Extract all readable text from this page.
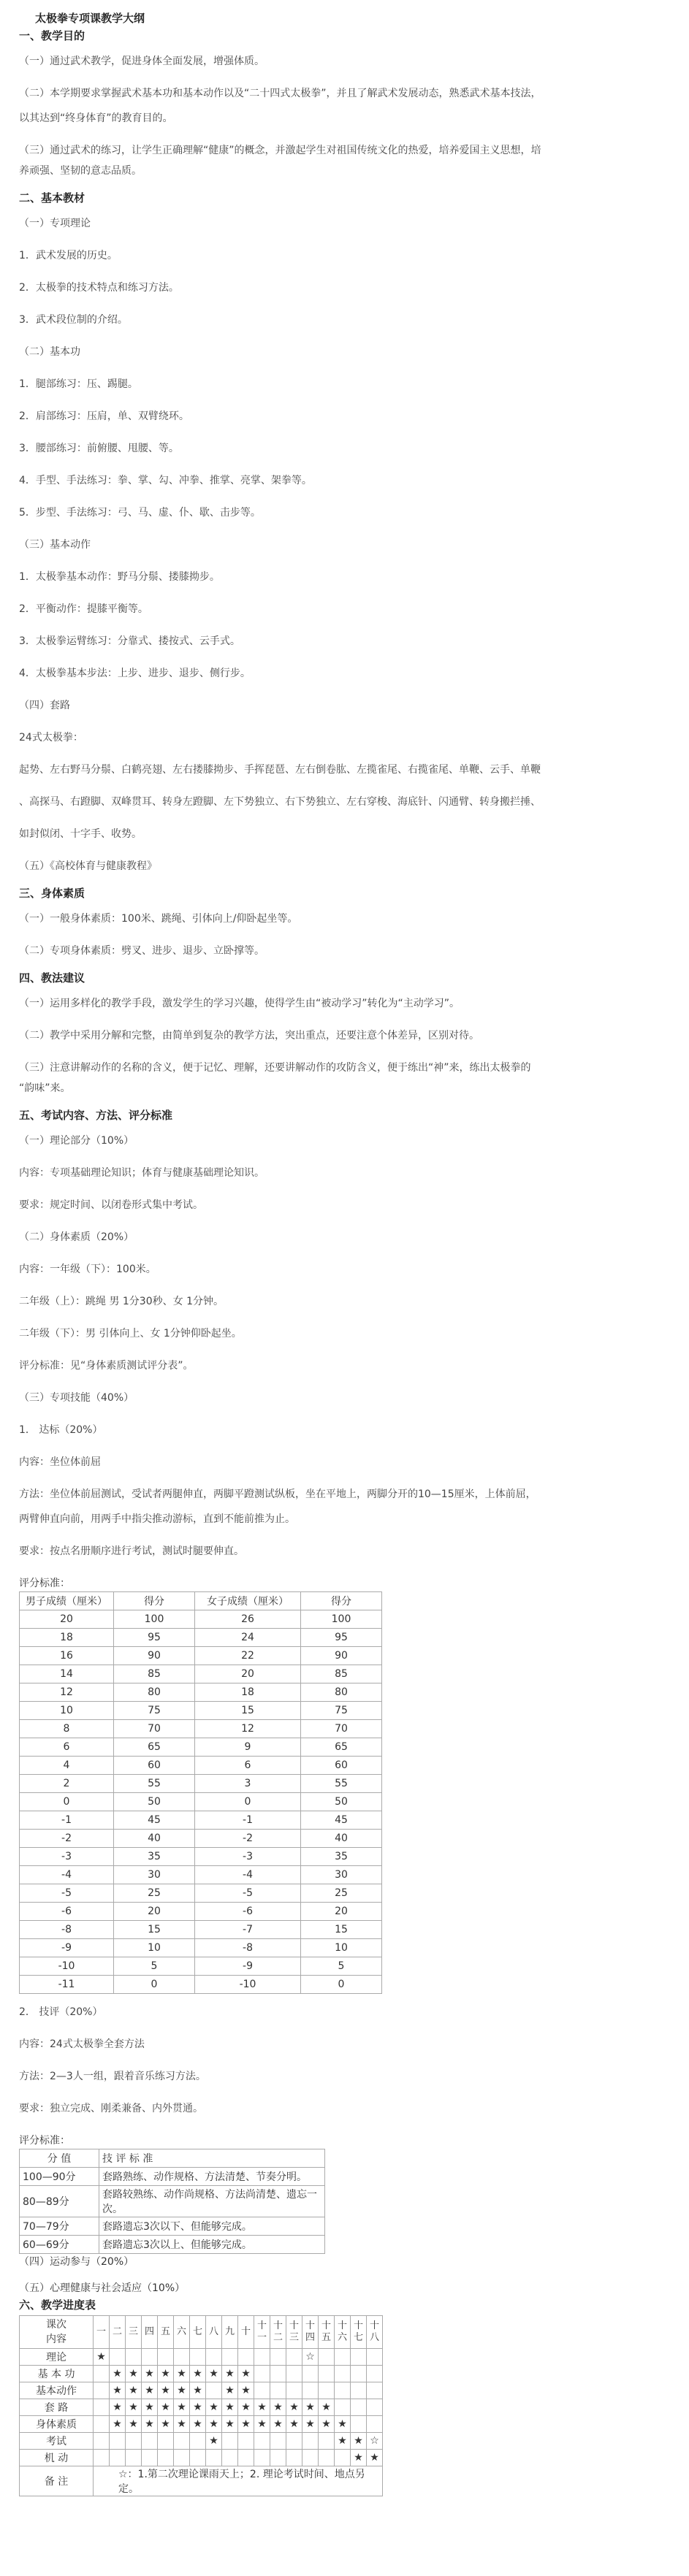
太极拳专项课教学大纲
一、教学目的
（一）通过武术教学，促进身体全面发展，增强体质。
（二）本学期要求掌握武术基本功和基本动作以及“二十四式太极拳”，并且了解武术发展动态，熟悉武术基本技法，
以其达到“终身体育”的教育目的。
（三）通过武术的练习，让学生正确理解“健康”的概念，并激起学生对祖国传统文化的热爱，培养爱国主义思想，培
养顽强、坚韧的意志品质。
二、基本教材
（一）专项理论
1．武术发展的历史。
2．太极拳的技术特点和练习方法。
3．武术段位制的介绍。
（二）基本功
1．腿部练习：压、踢腿。
2．肩部练习：压肩，单、双臂绕环。
3．腰部练习：前俯腰、甩腰、等。
4．手型、手法练习：拳、掌、勾、冲拳、推掌、亮掌、架拳等。
5．步型、手法练习：弓、马、虚、仆、歇、击步等。
（三）基本动作
1．太极拳基本动作：野马分鬃、搂膝拗步。
2．平衡动作：提膝平衡等。
3．太极拳运臂练习：分靠式、搂按式、云手式。
4．太极拳基本步法：上步、进步、退步、侧行步。
（四）套路
24式太极拳：
起势、左右野马分鬃、白鹤亮翅、左右搂膝拗步、手挥琵琶、左右倒卷肱、左揽雀尾、右揽雀尾、单鞭、云手、单鞭
、高探马、右蹬脚、双峰贯耳、转身左蹬脚、左下势独立、右下势独立、左右穿梭、海底针、闪通臂、转身搬拦捶、
如封似闭、十字手、收势。
（五）《高校体育与健康教程》
三、身体素质
（一）一般身体素质：100米、跳绳、引体向上/仰卧起坐等。
（二）专项身体素质：劈叉、进步、退步、立卧撑等。
四、教法建议
（一）运用多样化的教学手段，激发学生的学习兴趣，使得学生由“被动学习”转化为“主动学习”。
（二）教学中采用分解和完整，由简单到复杂的教学方法，突出重点，还要注意个体差异，区别对待。
（三）注意讲解动作的名称的含义，便于记忆、理解，还要讲解动作的攻防含义，便于练出“神”来，练出太极拳的
“韵味”来。
五、考试内容、方法、评分标准
（一）理论部分（10%）
内容：专项基础理论知识；体育与健康基础理论知识。
要求：规定时间、以闭卷形式集中考试。
（二）身体素质（20%）
内容：一年级（下）：100米。
二年级（上）：跳绳 男 1分30秒、女 1分钟。
二年级（下）：男 引体向上、女 1分钟仰卧起坐。
评分标准：见“身体素质测试评分表”。
（三）专项技能（40%）
1． 达标（20%）
内容：坐位体前屈
方法：坐位体前屈测试，受试者两腿伸直，两脚平蹬测试纵板，坐在平地上，两脚分开的10—15厘米，上体前屈，
两臂伸直向前，用两手中指尖推动游标，直到不能前推为止。
要求：按点名册顺序进行考试，测试时腿要伸直。
评分标准：
男子成绩（厘米）	得分	女子成绩（厘米）	得分
20	100	26	100
18	95	24	95
16	90	22	90
14	85	20	85
12	80	18	80
10	75	15	75
8	70	12	70
6	65	9	65
4	60	6	60
2	55	3	55
0	50	0	50
-1	45	-1	45
-2	40	-2	40
-3	35	-3	35
-4	30	-4	30
-5	25	-5	25
-6	20	-6	20
-8	15	-7	15
-9	10	-8	10
-10	5	-9	5
-11	0	-10	0
2． 技评（20%）
内容：24式太极拳全套方法
方法：2—3人一组，跟着音乐练习方法。
要求：独立完成、刚柔兼备、内外贯通。
评分标准：
分 值	技 评 标 准
100—90分	套路熟练、动作规格、方法清楚、节奏分明。
80—89分	套路较熟练、动作尚规格、方法尚清楚、遗忘一次。
70—79分	套路遗忘3次以下、但能够完成。
60—69分	套路遗忘3次以上、但能够完成。
（四）运动参与（20%）
（五）心理健康与社会适应（10%）
六、教学进度表
课次
内容	一	二	三	四	五	六	七	八	九	十	十一	十二	十三	十四	十五	十六	十七	十八
理论	★													☆				
基 本 功		★	★	★	★	★	★	★	★	★								
基本动作		★	★	★	★	★	★		★	★								
套 路		★	★	★	★	★	★	★	★	★	★	★	★	★	★			
身体素质		★	★	★	★	★	★	★	★	★	★	★	★	★	★	★		
考试								★								★	★	☆
机 动																	★	★
备 注	☆：1.第二次理论课雨天上；2. 理论考试时间、地点另定。																	
